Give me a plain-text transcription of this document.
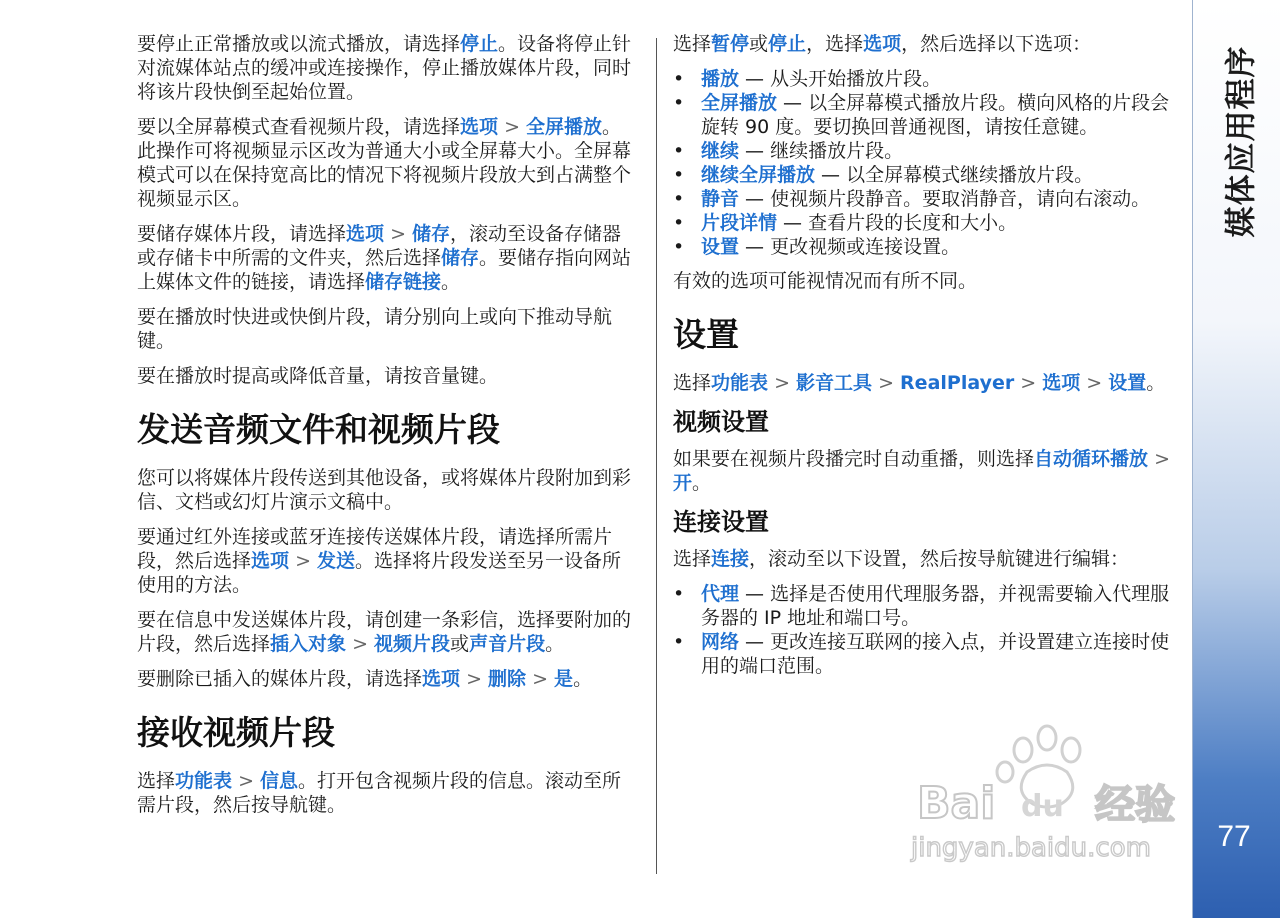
要停止正常播放或以流式播放，请选择停止。设备将停止针对流媒体站点的缓冲或连接操作，停止播放媒体片段，同时将该片段快倒至起始位置。

要以全屏幕模式查看视频片段，请选择选项 > 全屏播放。此操作可将视频显示区改为普通大小或全屏幕大小。全屏幕模式可以在保持宽高比的情况下将视频片段放大到占满整个视频显示区。

要储存媒体片段，请选择选项 > 储存，滚动至设备存储器或存储卡中所需的文件夹，然后选择储存。要储存指向网站上媒体文件的链接，请选择储存链接。

要在播放时快进或快倒片段，请分别向上或向下推动导航键。

要在播放时提高或降低音量，请按音量键。

发送音频文件和视频片段

您可以将媒体片段传送到其他设备，或将媒体片段附加到彩信、文档或幻灯片演示文稿中。

要通过红外连接或蓝牙连接传送媒体片段，请选择所需片段，然后选择选项 > 发送。选择将片段发送至另一设备所使用的方法。

要在信息中发送媒体片段，请创建一条彩信，选择要附加的片段，然后选择插入对象 > 视频片段或声音片段。

要删除已插入的媒体片段，请选择选项 > 删除 > 是。

接收视频片段

选择功能表 > 信息。打开包含视频片段的信息。滚动至所需片段，然后按导航键。

选择暂停或停止，选择选项，然后选择以下选项：

• 播放 — 从头开始播放片段。
• 全屏播放 — 以全屏幕模式播放片段。横向风格的片段会旋转 90 度。要切换回普通视图，请按任意键。
• 继续 — 继续播放片段。
• 继续全屏播放 — 以全屏幕模式继续播放片段。
• 静音 — 使视频片段静音。要取消静音，请向右滚动。
• 片段详情 — 查看片段的长度和大小。
• 设置 — 更改视频或连接设置。

有效的选项可能视情况而有所不同。

设置

选择功能表 > 影音工具 > RealPlayer > 选项 > 设置。

视频设置

如果要在视频片段播完时自动重播，则选择自动循环播放 > 开。

连接设置

选择连接，滚动至以下设置，然后按导航键进行编辑：

• 代理 — 选择是否使用代理服务器，并视需要输入代理服务器的 IP 地址和端口号。
• 网络 — 更改连接互联网的接入点，并设置建立连接时使用的端口范围。
媒体应用程序
77
Bai du 经验
jingyan.baidu.com
